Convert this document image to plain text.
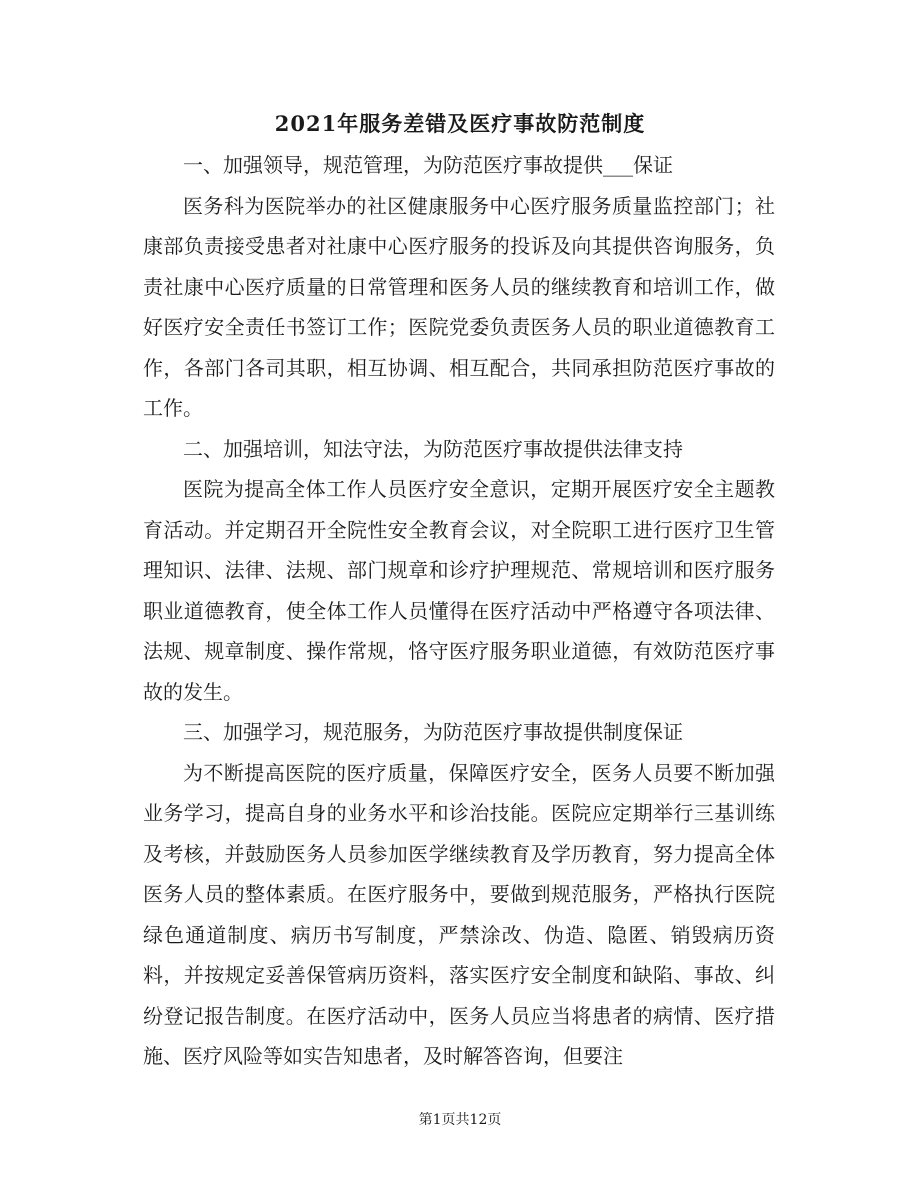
2021年服务差错及医疗事故防范制度

一、加强领导，规范管理，为防范医疗事故提供___保证

医务科为医院举办的社区健康服务中心医疗服务质量监控部门；社康部负责接受患者对社康中心医疗服务的投诉及向其提供咨询服务，负责社康中心医疗质量的日常管理和医务人员的继续教育和培训工作，做好医疗安全责任书签订工作；医院党委负责医务人员的职业道德教育工作，各部门各司其职，相互协调、相互配合，共同承担防范医疗事故的工作。

二、加强培训，知法守法，为防范医疗事故提供法律支持

医院为提高全体工作人员医疗安全意识，定期开展医疗安全主题教育活动。并定期召开全院性安全教育会议，对全院职工进行医疗卫生管理知识、法律、法规、部门规章和诊疗护理规范、常规培训和医疗服务职业道德教育，使全体工作人员懂得在医疗活动中严格遵守各项法律、法规、规章制度、操作常规，恪守医疗服务职业道德，有效防范医疗事故的发生。

三、加强学习，规范服务，为防范医疗事故提供制度保证

为不断提高医院的医疗质量，保障医疗安全，医务人员要不断加强业务学习，提高自身的业务水平和诊治技能。医院应定期举行三基训练及考核，并鼓励医务人员参加医学继续教育及学历教育，努力提高全体医务人员的整体素质。在医疗服务中，要做到规范服务，严格执行医院绿色通道制度、病历书写制度，严禁涂改、伪造、隐匿、销毁病历资料，并按规定妥善保管病历资料，落实医疗安全制度和缺陷、事故、纠纷登记报告制度。在医疗活动中，医务人员应当将患者的病情、医疗措施、医疗风险等如实告知患者，及时解答咨询，但要注

第1页共12页
